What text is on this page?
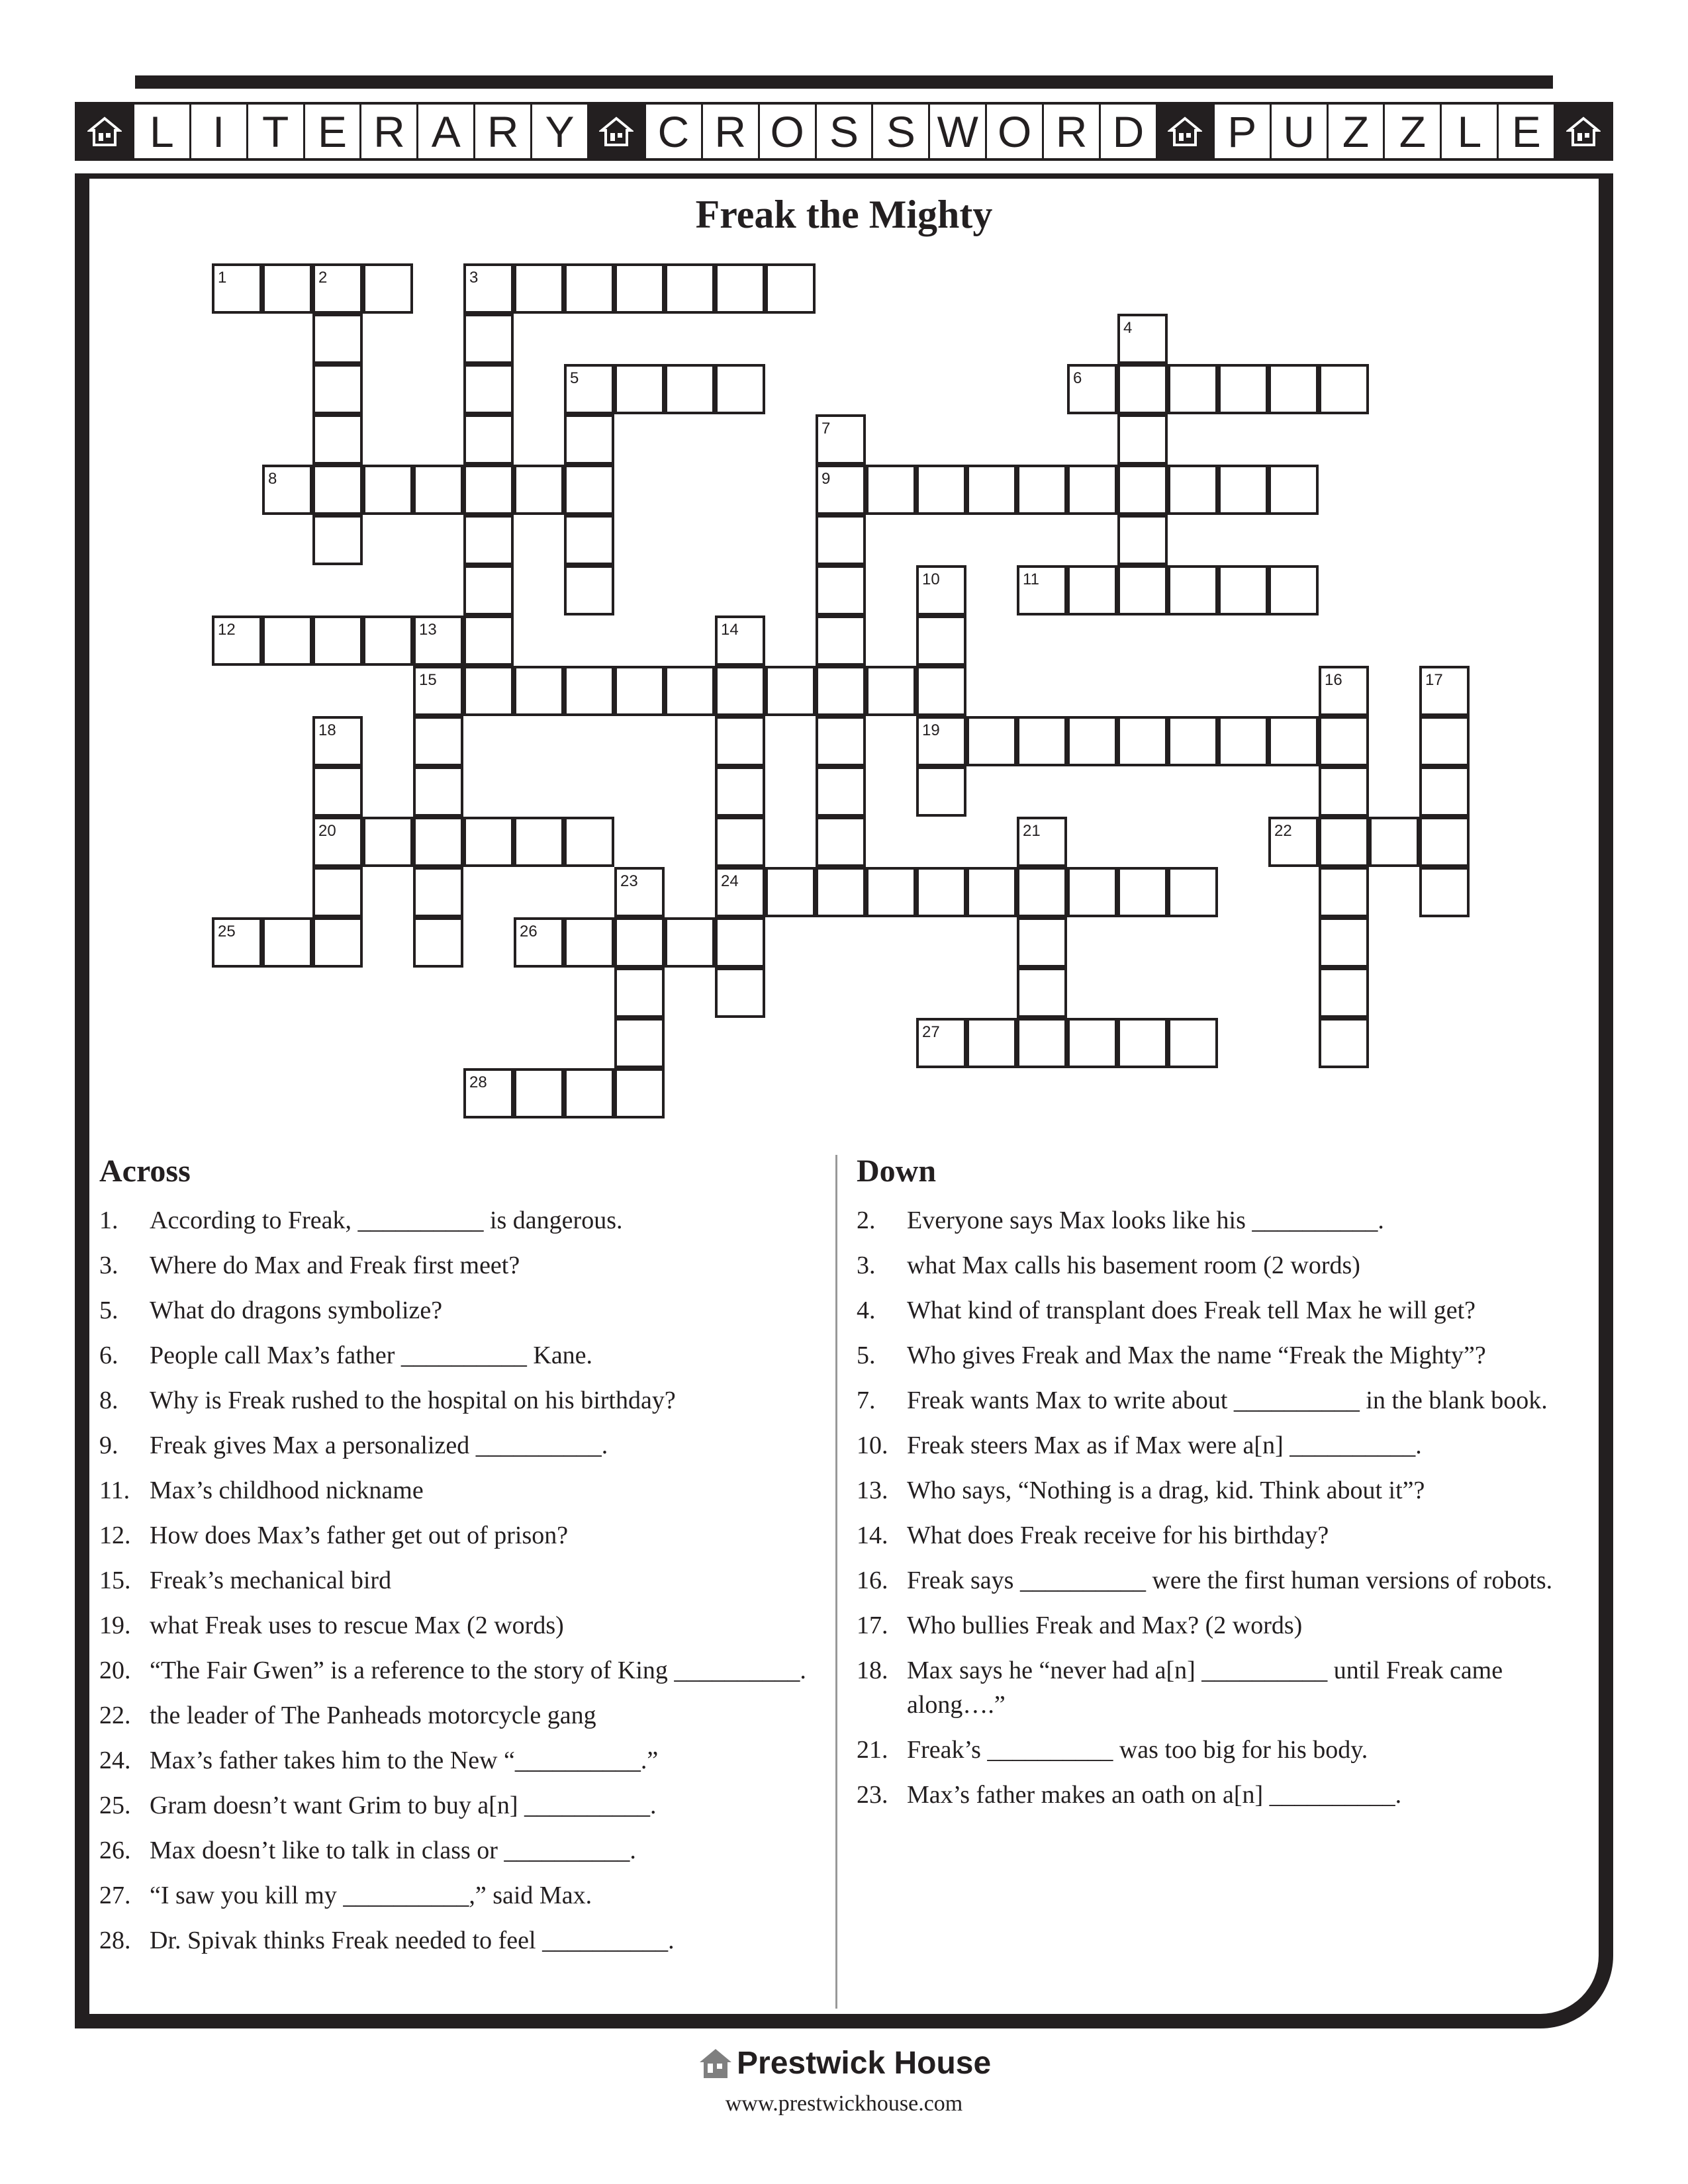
L I T E R A R Y	C R O S S W O R D	P U Z Z L E
Freak the Mighty
1	2	3
5	6
8	9
11
12	13
15
19
20	22
24
25	26
27
28
4
7
10
14
16	17
18
21
23
Across
1.	According to Freak, __________ is dangerous.
3.	Where do Max and Freak first meet?
5.	What do dragons symbolize?
6.	People call Max’s father __________ Kane.
8.	Why is Freak rushed to the hospital on his birthday?
9.	Freak gives Max a personalized __________.
11. Max’s childhood nickname
12. How does Max’s father get out of prison?
15. Freak’s mechanical bird
19. what Freak uses to rescue Max (2 words)
20. “The Fair Gwen” is a reference to the story of King __________.
22. the leader of The Panheads motorcycle gang
24. Max’s father takes him to the New “__________.”
25. Gram doesn’t want Grim to buy a[n] __________.
26. Max doesn’t like to talk in class or __________.
27. “I saw you kill my __________,” said Max.
28. Dr. Spivak thinks Freak needed to feel __________.
Down
2.	Everyone says Max looks like his __________.
3.	what Max calls his basement room (2 words)
4.	What kind of transplant does Freak tell Max he will get?
5.	Who gives Freak and Max the name “Freak the Mighty”?
7.	Freak wants Max to write about __________ in the blank book.
10. Freak steers Max as if Max were a[n] __________.
13. Who says, “Nothing is a drag, kid. Think about it”?
14. What does Freak receive for his birthday?
16. Freak says __________ were the first human versions of robots.
17. Who bullies Freak and Max? (2 words)
18. Max says he “never had a[n] __________ until Freak came along….”
21. Freak’s __________ was too big for his body.
23. Max’s father makes an oath on a[n] __________.
Prestwick House
www.prestwickhouse.com
